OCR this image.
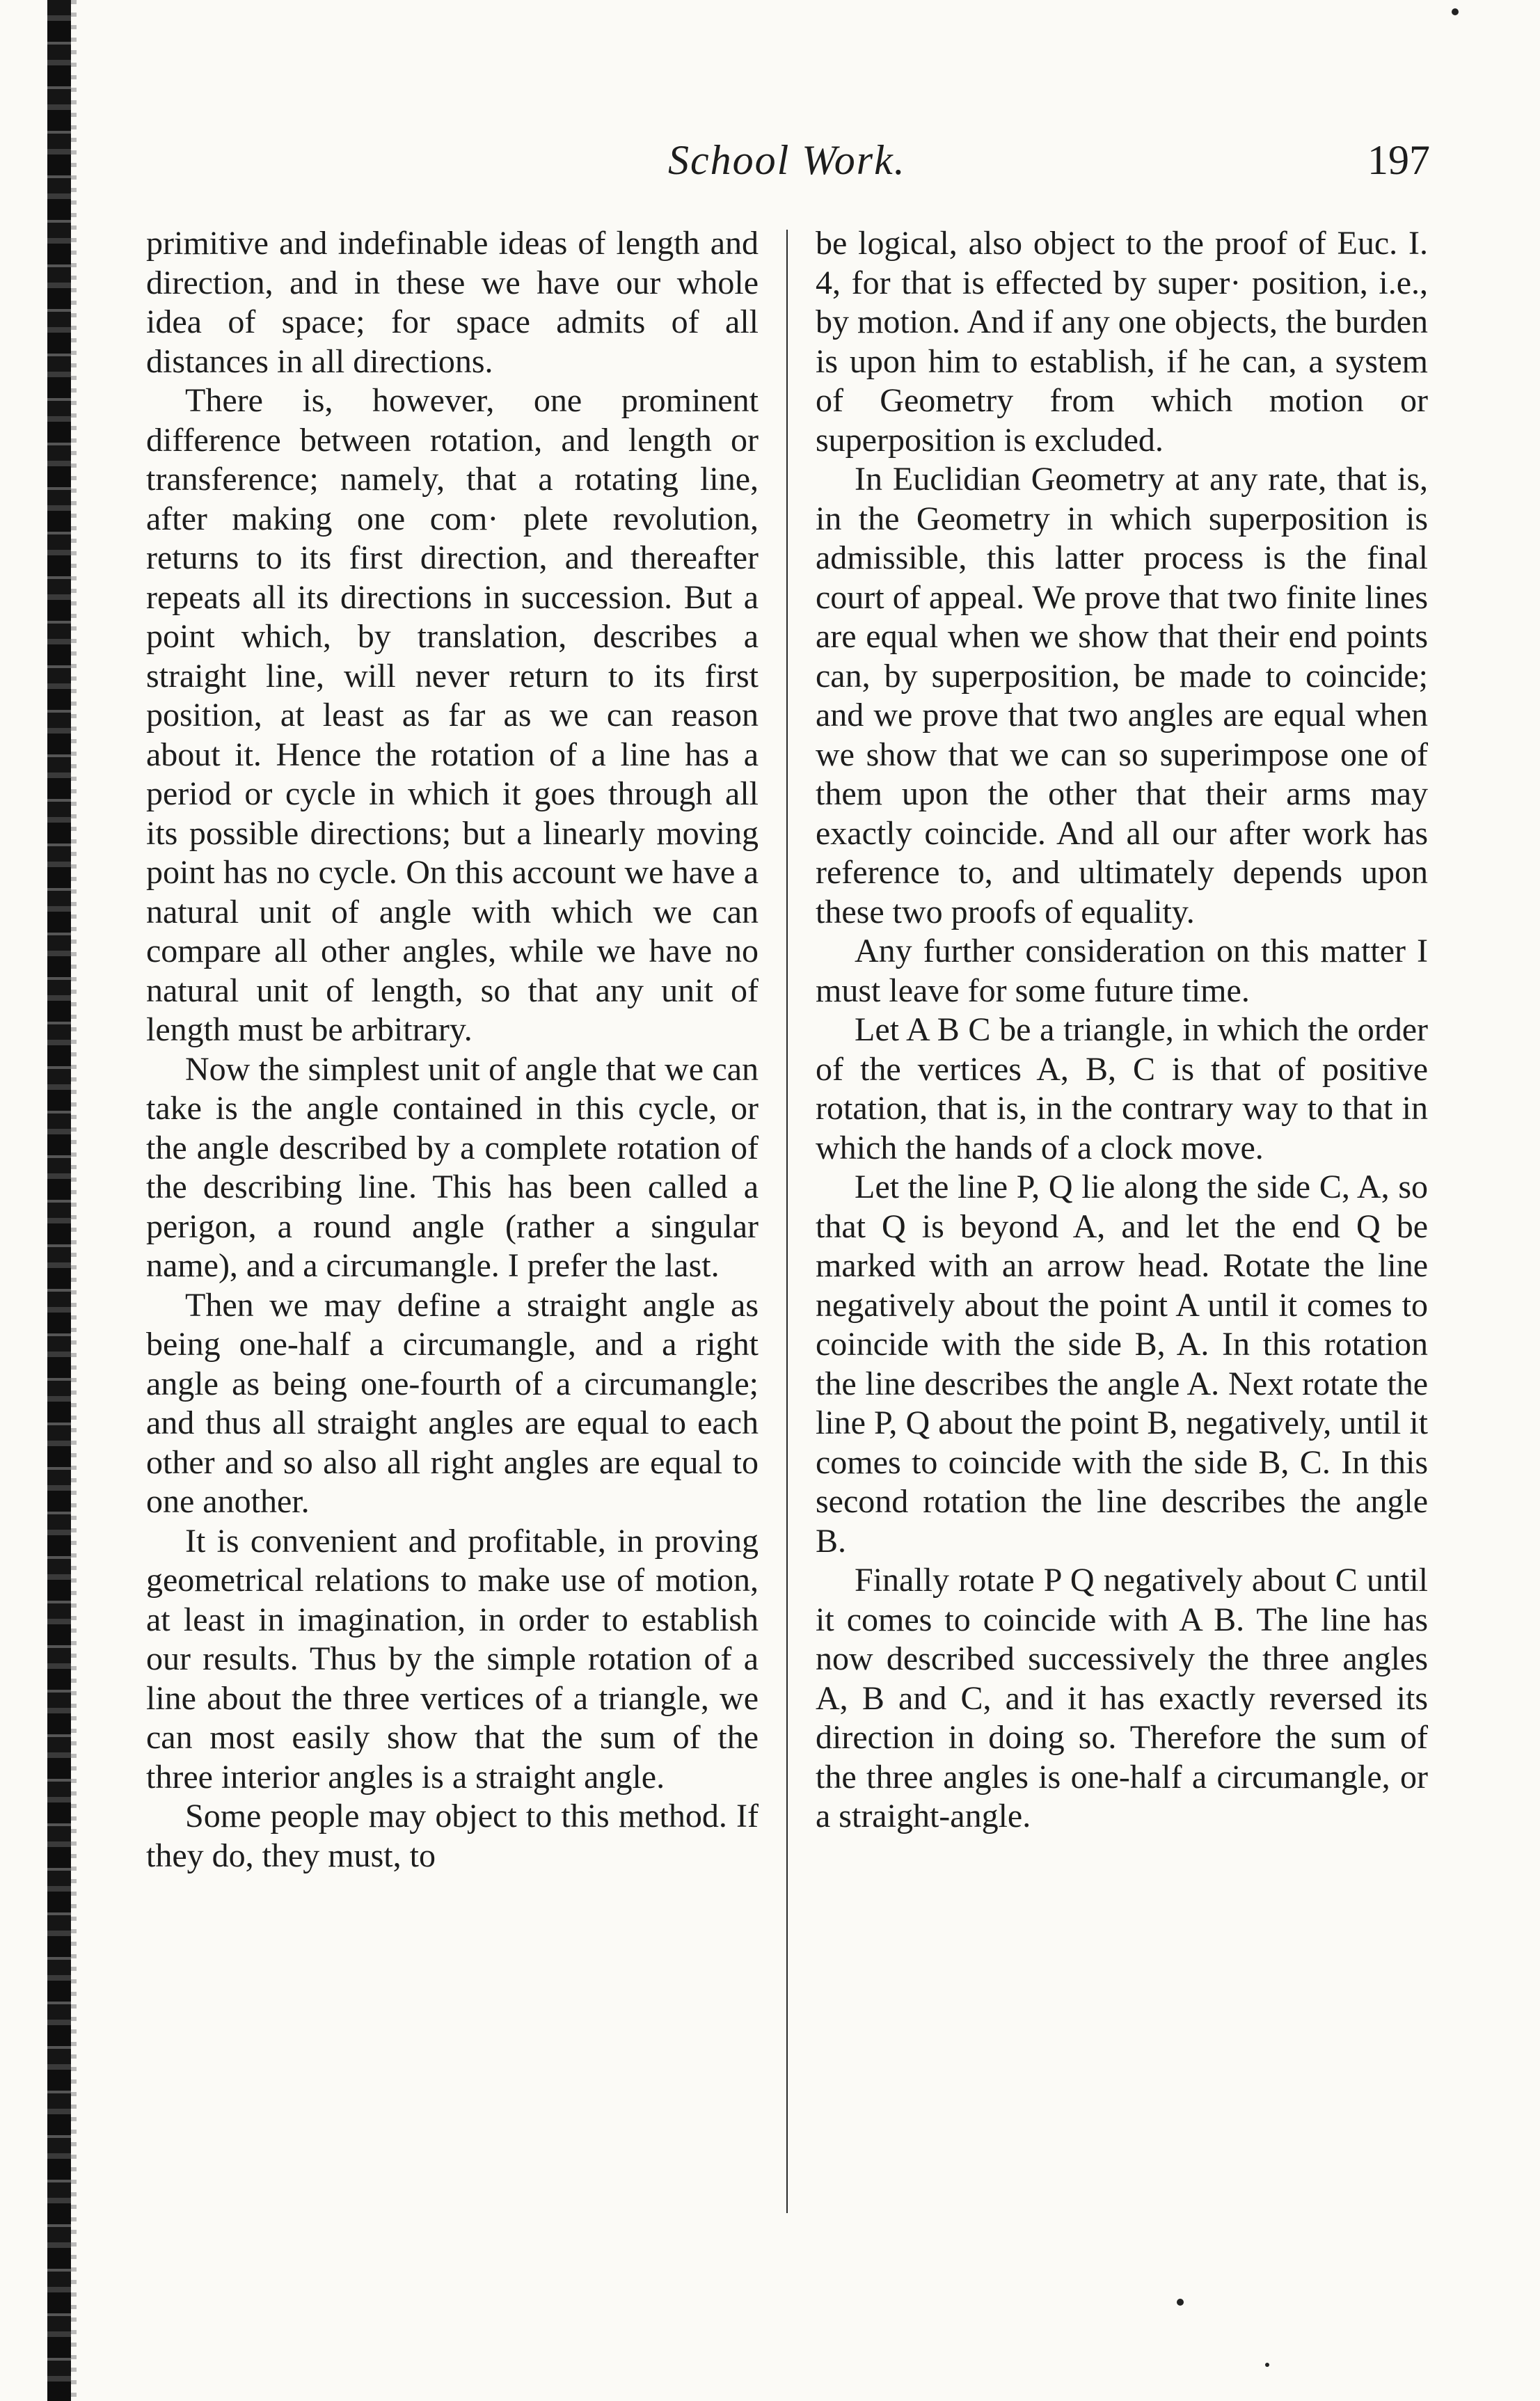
School Work.	197

primitive and indefinable ideas of length and direction, and in these we have our whole idea of space; for space admits of all distances in all directions.

There is, however, one prominent difference between rotation, and length or transference; namely, that a rotating line, after making one com· plete revolution, returns to its first direction, and thereafter repeats all its directions in succession. But a point which, by translation, describes a straight line, will never return to its first position, at least as far as we can reason about it. Hence the rotation of a line has a period or cycle in which it goes through all its possible directions; but a linearly moving point has no cycle. On this account we have a natural unit of angle with which we can compare all other angles, while we have no natural unit of length, so that any unit of length must be arbitrary.

Now the simplest unit of angle that we can take is the angle contained in this cycle, or the angle described by a complete rotation of the describing line. This has been called a perigon, a round angle (rather a singular name), and a circumangle. I prefer the last.

Then we may define a straight angle as being one-half a circumangle, and a right angle as being one-fourth of a circumangle; and thus all straight angles are equal to each other and so also all right angles are equal to one another.

It is convenient and profitable, in proving geometrical relations to make use of motion, at least in imagination, in order to establish our results. Thus by the simple rotation of a line about the three vertices of a triangle, we can most easily show that the sum of the three interior angles is a straight angle.

Some people may object to this method. If they do, they must, to

be logical, also object to the proof of Euc. I. 4, for that is effected by super· position, i.e., by motion. And if any one objects, the burden is upon him to establish, if he can, a system of Geometry from which motion or superposition is excluded.

In Euclidian Geometry at any rate, that is, in the Geometry in which superposition is admissible, this latter process is the final court of appeal. We prove that two finite lines are equal when we show that their end points can, by superposition, be made to coincide; and we prove that two angles are equal when we show that we can so superimpose one of them upon the other that their arms may exactly coincide. And all our after work has reference to, and ultimately depends upon these two proofs of equality.

Any further consideration on this matter I must leave for some future time.

Let A B C be a triangle, in which the order of the vertices A, B, C is that of positive rotation, that is, in the contrary way to that in which the hands of a clock move.

Let the line P, Q lie along the side C, A, so that Q is beyond A, and let the end Q be marked with an arrow head. Rotate the line negatively about the point A until it comes to coincide with the side B, A. In this rotation the line describes the angle A. Next rotate the line P, Q about the point B, negatively, until it comes to coincide with the side B, C. In this second rotation the line describes the angle B.

Finally rotate P Q negatively about C until it comes to coincide with A B. The line has now described successively the three angles A, B and C, and it has exactly reversed its direction in doing so. Therefore the sum of the three angles is one-half a circumangle, or a straight-angle.
